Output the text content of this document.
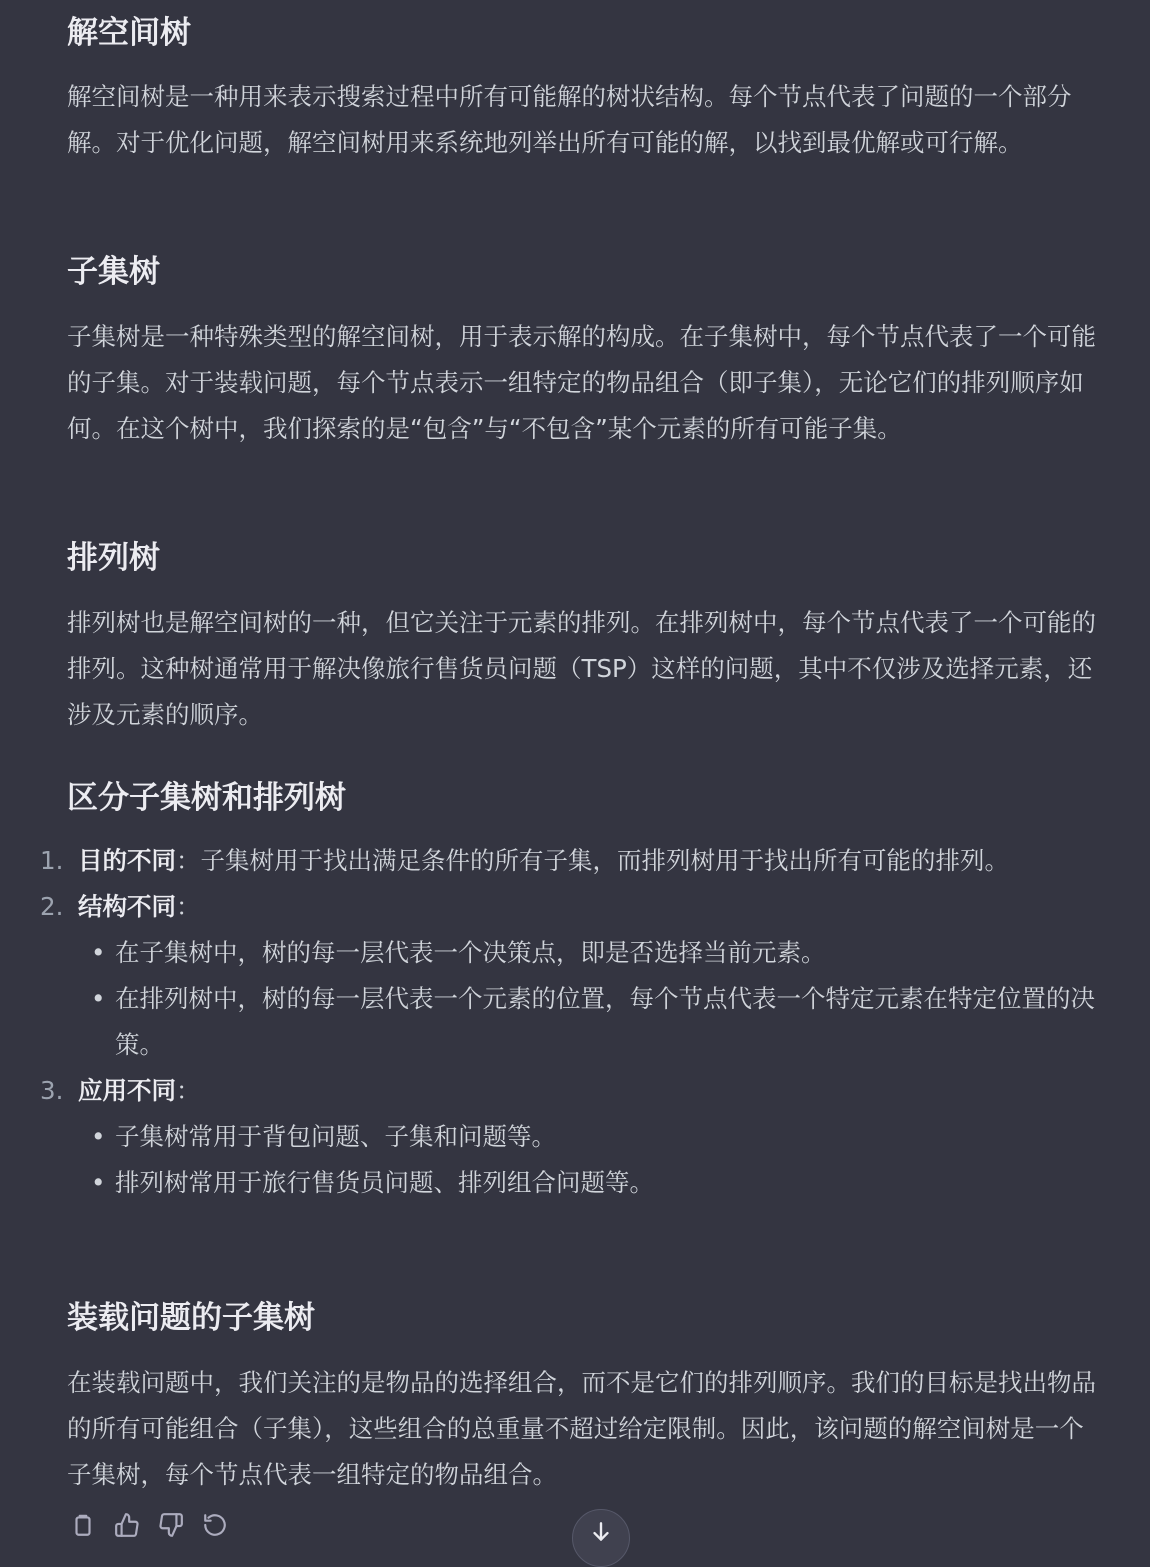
解空间树

解空间树是一种用来表示搜索过程中所有可能解的树状结构。每个节点代表了问题的一个部分解。对于优化问题，解空间树用来系统地列举出所有可能的解，以找到最优解或可行解。

子集树

子集树是一种特殊类型的解空间树，用于表示解的构成。在子集树中，每个节点代表了一个可能的子集。对于装载问题，每个节点表示一组特定的物品组合（即子集），无论它们的排列顺序如何。在这个树中，我们探索的是“包含”与“不包含”某个元素的所有可能子集。

排列树

排列树也是解空间树的一种，但它关注于元素的排列。在排列树中，每个节点代表了一个可能的排列。这种树通常用于解决像旅行售货员问题（TSP）这样的问题，其中不仅涉及选择元素，还涉及元素的顺序。

区分子集树和排列树
装载问题的子集树

在装载问题中，我们关注的是物品的选择组合，而不是它们的排列顺序。我们的目标是找出物品的所有可能组合（子集），这些组合的总重量不超过给定限制。因此，该问题的解空间树是一个子集树，每个节点代表一组特定的物品组合。

1. 目的不同：子集树用于找出满足条件的所有子集，而排列树用于找出所有可能的排列。
2. 结构不同：
• 在子集树中，树的每一层代表一个决策点，即是否选择当前元素。
• 在排列树中，树的每一层代表一个元素的位置，每个节点代表一个特定元素在特定位置的决策。
3. 应用不同：
• 子集树常用于背包问题、子集和问题等。
• 排列树常用于旅行售货员问题、排列组合问题等。
